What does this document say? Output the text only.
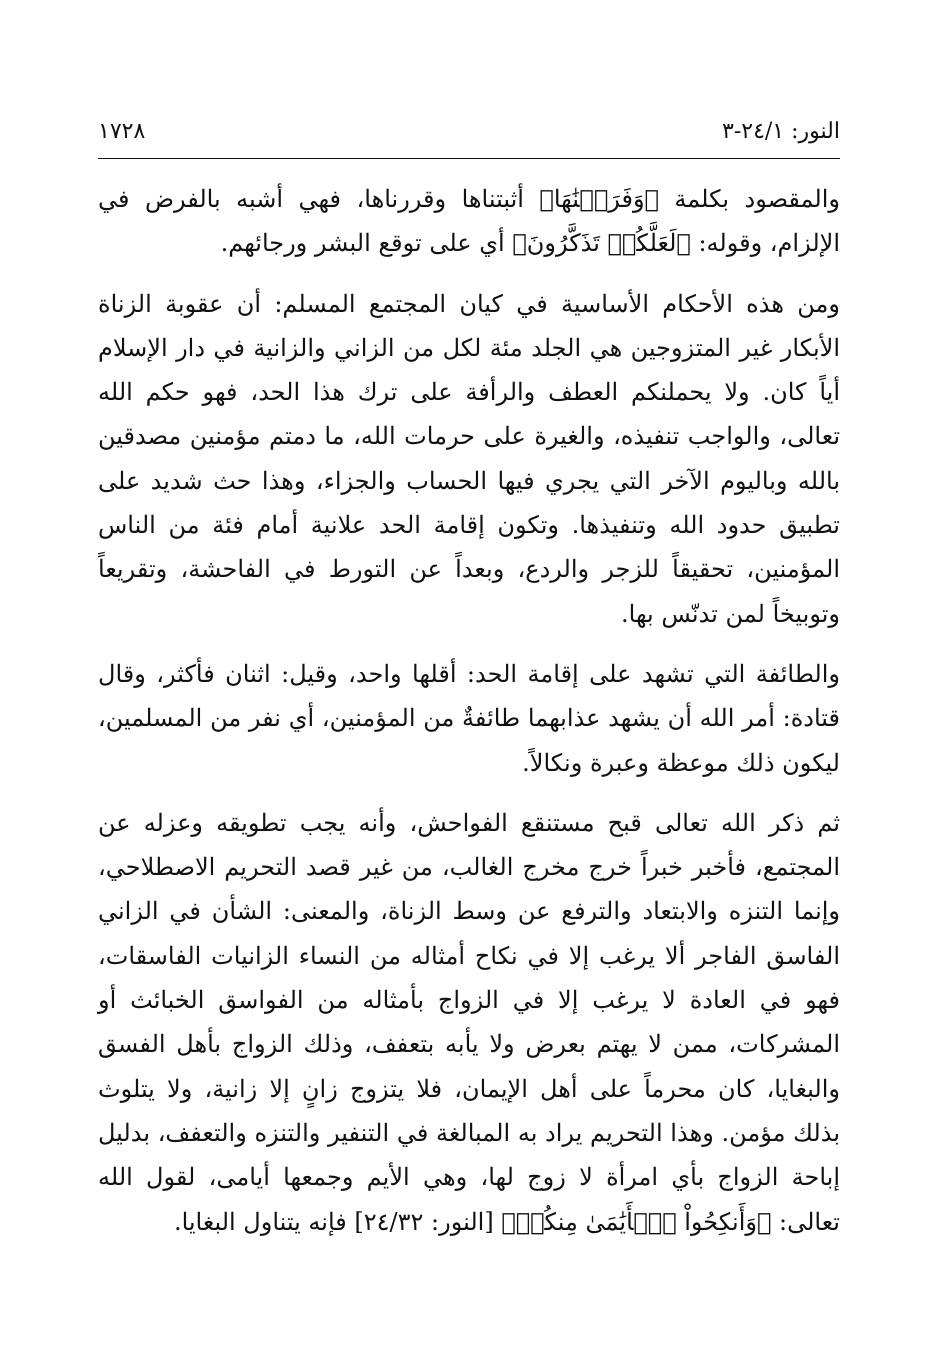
النور: ٢٤/١-٣
١٧٢٨

والمقصود بكلمة ﴿وَفَرَضۡنَٰهَا﴾ أثبتناها وقررناها، فهي أشبه بالفرض في الإلزام، وقوله: ﴿لَعَلَّكُمۡ تَذَكَّرُونَ﴾ أي على توقع البشر ورجائهم.

ومن هذه الأحكام الأساسية في كيان المجتمع المسلم: أن عقوبة الزناة الأبكار غير المتزوجين هي الجلد مئة لكل من الزاني والزانية في دار الإسلام أياً كان. ولا يحملنكم العطف والرأفة على ترك هذا الحد، فهو حكم الله تعالى، والواجب تنفيذه، والغيرة على حرمات الله، ما دمتم مؤمنين مصدقين بالله وباليوم الآخر التي يجري فيها الحساب والجزاء، وهذا حث شديد على تطبيق حدود الله وتنفيذها. وتكون إقامة الحد علانية أمام فئة من الناس المؤمنين، تحقيقاً للزجر والردع، وبعداً عن التورط في الفاحشة، وتقريعاً وتوبيخاً لمن تدنّس بها.

والطائفة التي تشهد على إقامة الحد: أقلها واحد، وقيل: اثنان فأكثر، وقال قتادة: أمر الله أن يشهد عذابهما طائفةٌ من المؤمنين، أي نفر من المسلمين، ليكون ذلك موعظة وعبرة ونكالاً.

ثم ذكر الله تعالى قبح مستنقع الفواحش، وأنه يجب تطويقه وعزله عن المجتمع، فأخبر خبراً خرج مخرج الغالب، من غير قصد التحريم الاصطلاحي، وإنما التنزه والابتعاد والترفع عن وسط الزناة، والمعنى: الشأن في الزاني الفاسق الفاجر ألا يرغب إلا في نكاح أمثاله من النساء الزانيات الفاسقات، فهو في العادة لا يرغب إلا في الزواج بأمثاله من الفواسق الخبائث أو المشركات، ممن لا يهتم بعرض ولا يأبه بتعفف، وذلك الزواج بأهل الفسق والبغايا، كان محرماً على أهل الإيمان، فلا يتزوج زانٍ إلا زانية، ولا يتلوث بذلك مؤمن. وهذا التحريم يراد به المبالغة في التنفير والتنزه والتعفف، بدليل إباحة الزواج بأي امرأة لا زوج لها، وهي الأيم وجمعها أيامى، لقول الله تعالى: ﴿وَأَنكِحُواْ ٱلۡأَيَٰمَىٰ مِنكُمۡ﴾ [النور: ٢٤/٣٢] فإنه يتناول البغايا.
